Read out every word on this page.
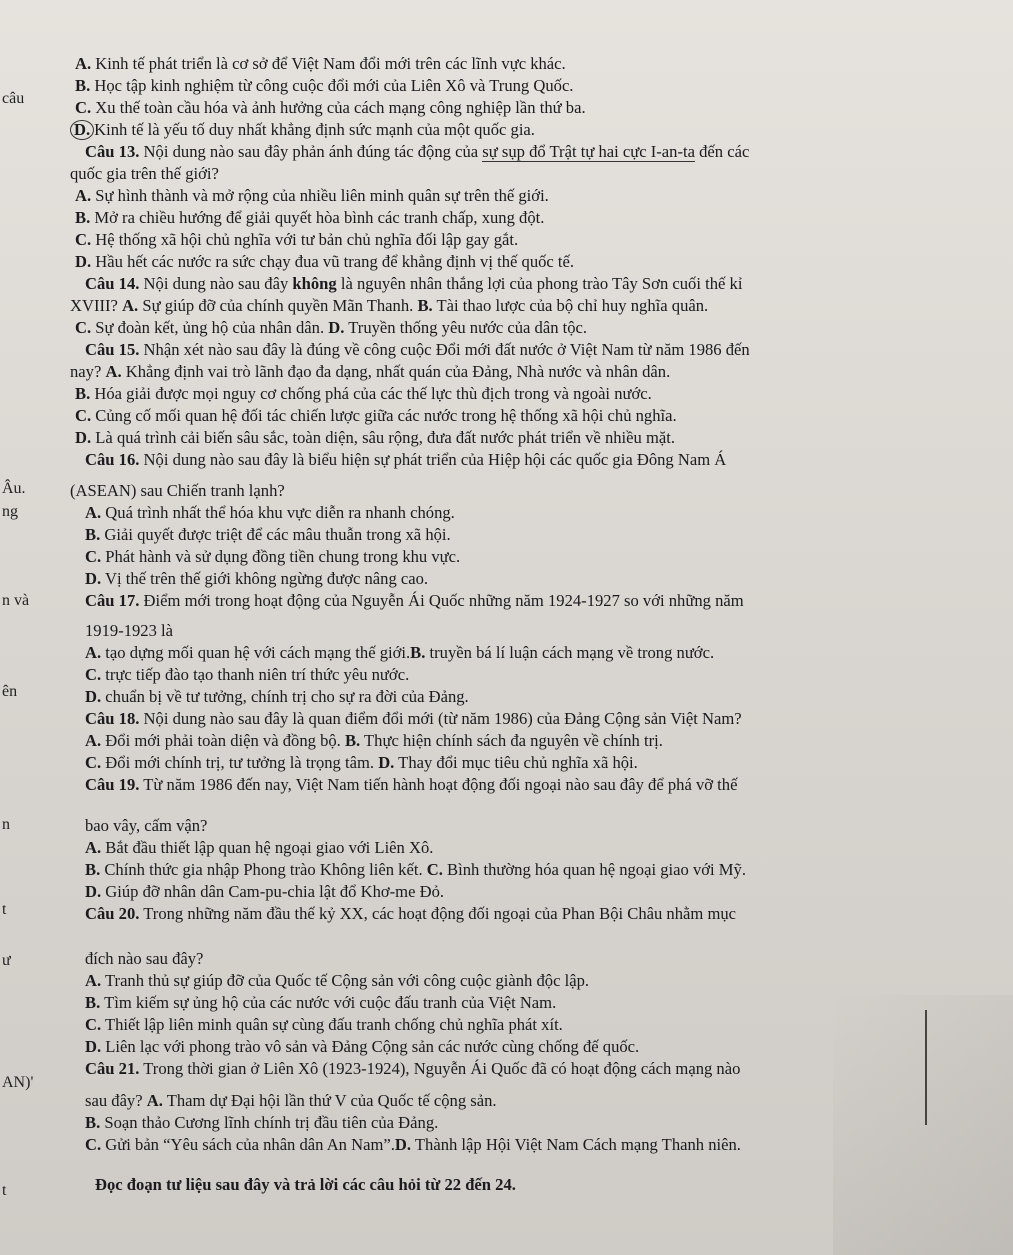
câu
Âu.
ng
n và
ên
n
t
ư
AN)'
t
A. Kinh tế phát triển là cơ sở để Việt Nam đổi mới trên các lĩnh vực khác.
B. Học tập kinh nghiệm từ công cuộc đổi mới của Liên Xô và Trung Quốc.
C. Xu thế toàn cầu hóa và ảnh hưởng của cách mạng công nghiệp lần thứ ba.
D. Kinh tế là yếu tố duy nhất khẳng định sức mạnh của một quốc gia.
Câu 13. Nội dung nào sau đây phản ánh đúng tác động của sự sụp đổ Trật tự hai cực I-an-ta đến các
quốc gia trên thế giới?
A. Sự hình thành và mở rộng của nhiều liên minh quân sự trên thế giới.
B. Mở ra chiều hướng để giải quyết hòa bình các tranh chấp, xung đột.
C. Hệ thống xã hội chủ nghĩa với tư bản chủ nghĩa đối lập gay gắt.
D. Hầu hết các nước ra sức chạy đua vũ trang để khẳng định vị thế quốc tế.
Câu 14. Nội dung nào sau đây không là nguyên nhân thắng lợi của phong trào Tây Sơn cuối thế kỉ
XVIII? A. Sự giúp đỡ của chính quyền Mãn Thanh. B. Tài thao lược của bộ chỉ huy nghĩa quân.
C. Sự đoàn kết, ủng hộ của nhân dân. D. Truyền thống yêu nước của dân tộc.
Câu 15. Nhận xét nào sau đây là đúng về công cuộc Đổi mới đất nước ở Việt Nam từ năm 1986 đến
nay? A. Khẳng định vai trò lãnh đạo đa dạng, nhất quán của Đảng, Nhà nước và nhân dân.
B. Hóa giải được mọi nguy cơ chống phá của các thế lực thù địch trong và ngoài nước.
C. Củng cố mối quan hệ đối tác chiến lược giữa các nước trong hệ thống xã hội chủ nghĩa.
D. Là quá trình cải biến sâu sắc, toàn diện, sâu rộng, đưa đất nước phát triển về nhiều mặt.
Câu 16. Nội dung nào sau đây là biểu hiện sự phát triển của Hiệp hội các quốc gia Đông Nam Á
(ASEAN) sau Chiến tranh lạnh?
A. Quá trình nhất thể hóa khu vực diễn ra nhanh chóng.
B. Giải quyết được triệt để các mâu thuẫn trong xã hội.
C. Phát hành và sử dụng đồng tiền chung trong khu vực.
D. Vị thế trên thế giới không ngừng được nâng cao.
Câu 17. Điểm mới trong hoạt động của Nguyễn Ái Quốc những năm 1924-1927 so với những năm
1919-1923 là
A. tạo dựng mối quan hệ với cách mạng thế giới.B. truyền bá lí luận cách mạng về trong nước.
C. trực tiếp đào tạo thanh niên trí thức yêu nước.
D. chuẩn bị về tư tưởng, chính trị cho sự ra đời của Đảng.
Câu 18. Nội dung nào sau đây là quan điểm đổi mới (từ năm 1986) của Đảng Cộng sản Việt Nam?
A. Đổi mới phải toàn diện và đồng bộ. B. Thực hiện chính sách đa nguyên về chính trị.
C. Đổi mới chính trị, tư tưởng là trọng tâm. D. Thay đổi mục tiêu chủ nghĩa xã hội.
Câu 19. Từ năm 1986 đến nay, Việt Nam tiến hành hoạt động đối ngoại nào sau đây để phá vỡ thế
bao vây, cấm vận?
A. Bắt đầu thiết lập quan hệ ngoại giao với Liên Xô.
B. Chính thức gia nhập Phong trào Không liên kết. C. Bình thường hóa quan hệ ngoại giao với Mỹ.
D. Giúp đỡ nhân dân Cam-pu-chia lật đổ Khơ-me Đỏ.
Câu 20. Trong những năm đầu thế kỷ XX, các hoạt động đối ngoại của Phan Bội Châu nhằm mục
đích nào sau đây?
A. Tranh thủ sự giúp đỡ của Quốc tế Cộng sản với công cuộc giành độc lập.
B. Tìm kiếm sự ủng hộ của các nước với cuộc đấu tranh của Việt Nam.
C. Thiết lập liên minh quân sự cùng đấu tranh chống chủ nghĩa phát xít.
D. Liên lạc với phong trào vô sản và Đảng Cộng sản các nước cùng chống đế quốc.
Câu 21. Trong thời gian ở Liên Xô (1923-1924), Nguyễn Ái Quốc đã có hoạt động cách mạng nào
sau đây? A. Tham dự Đại hội lần thứ V của Quốc tế cộng sản.
B. Soạn thảo Cương lĩnh chính trị đầu tiên của Đảng.
C. Gửi bản “Yêu sách của nhân dân An Nam”.D. Thành lập Hội Việt Nam Cách mạng Thanh niên.
Đọc đoạn tư liệu sau đây và trả lời các câu hỏi từ 22 đến 24.
